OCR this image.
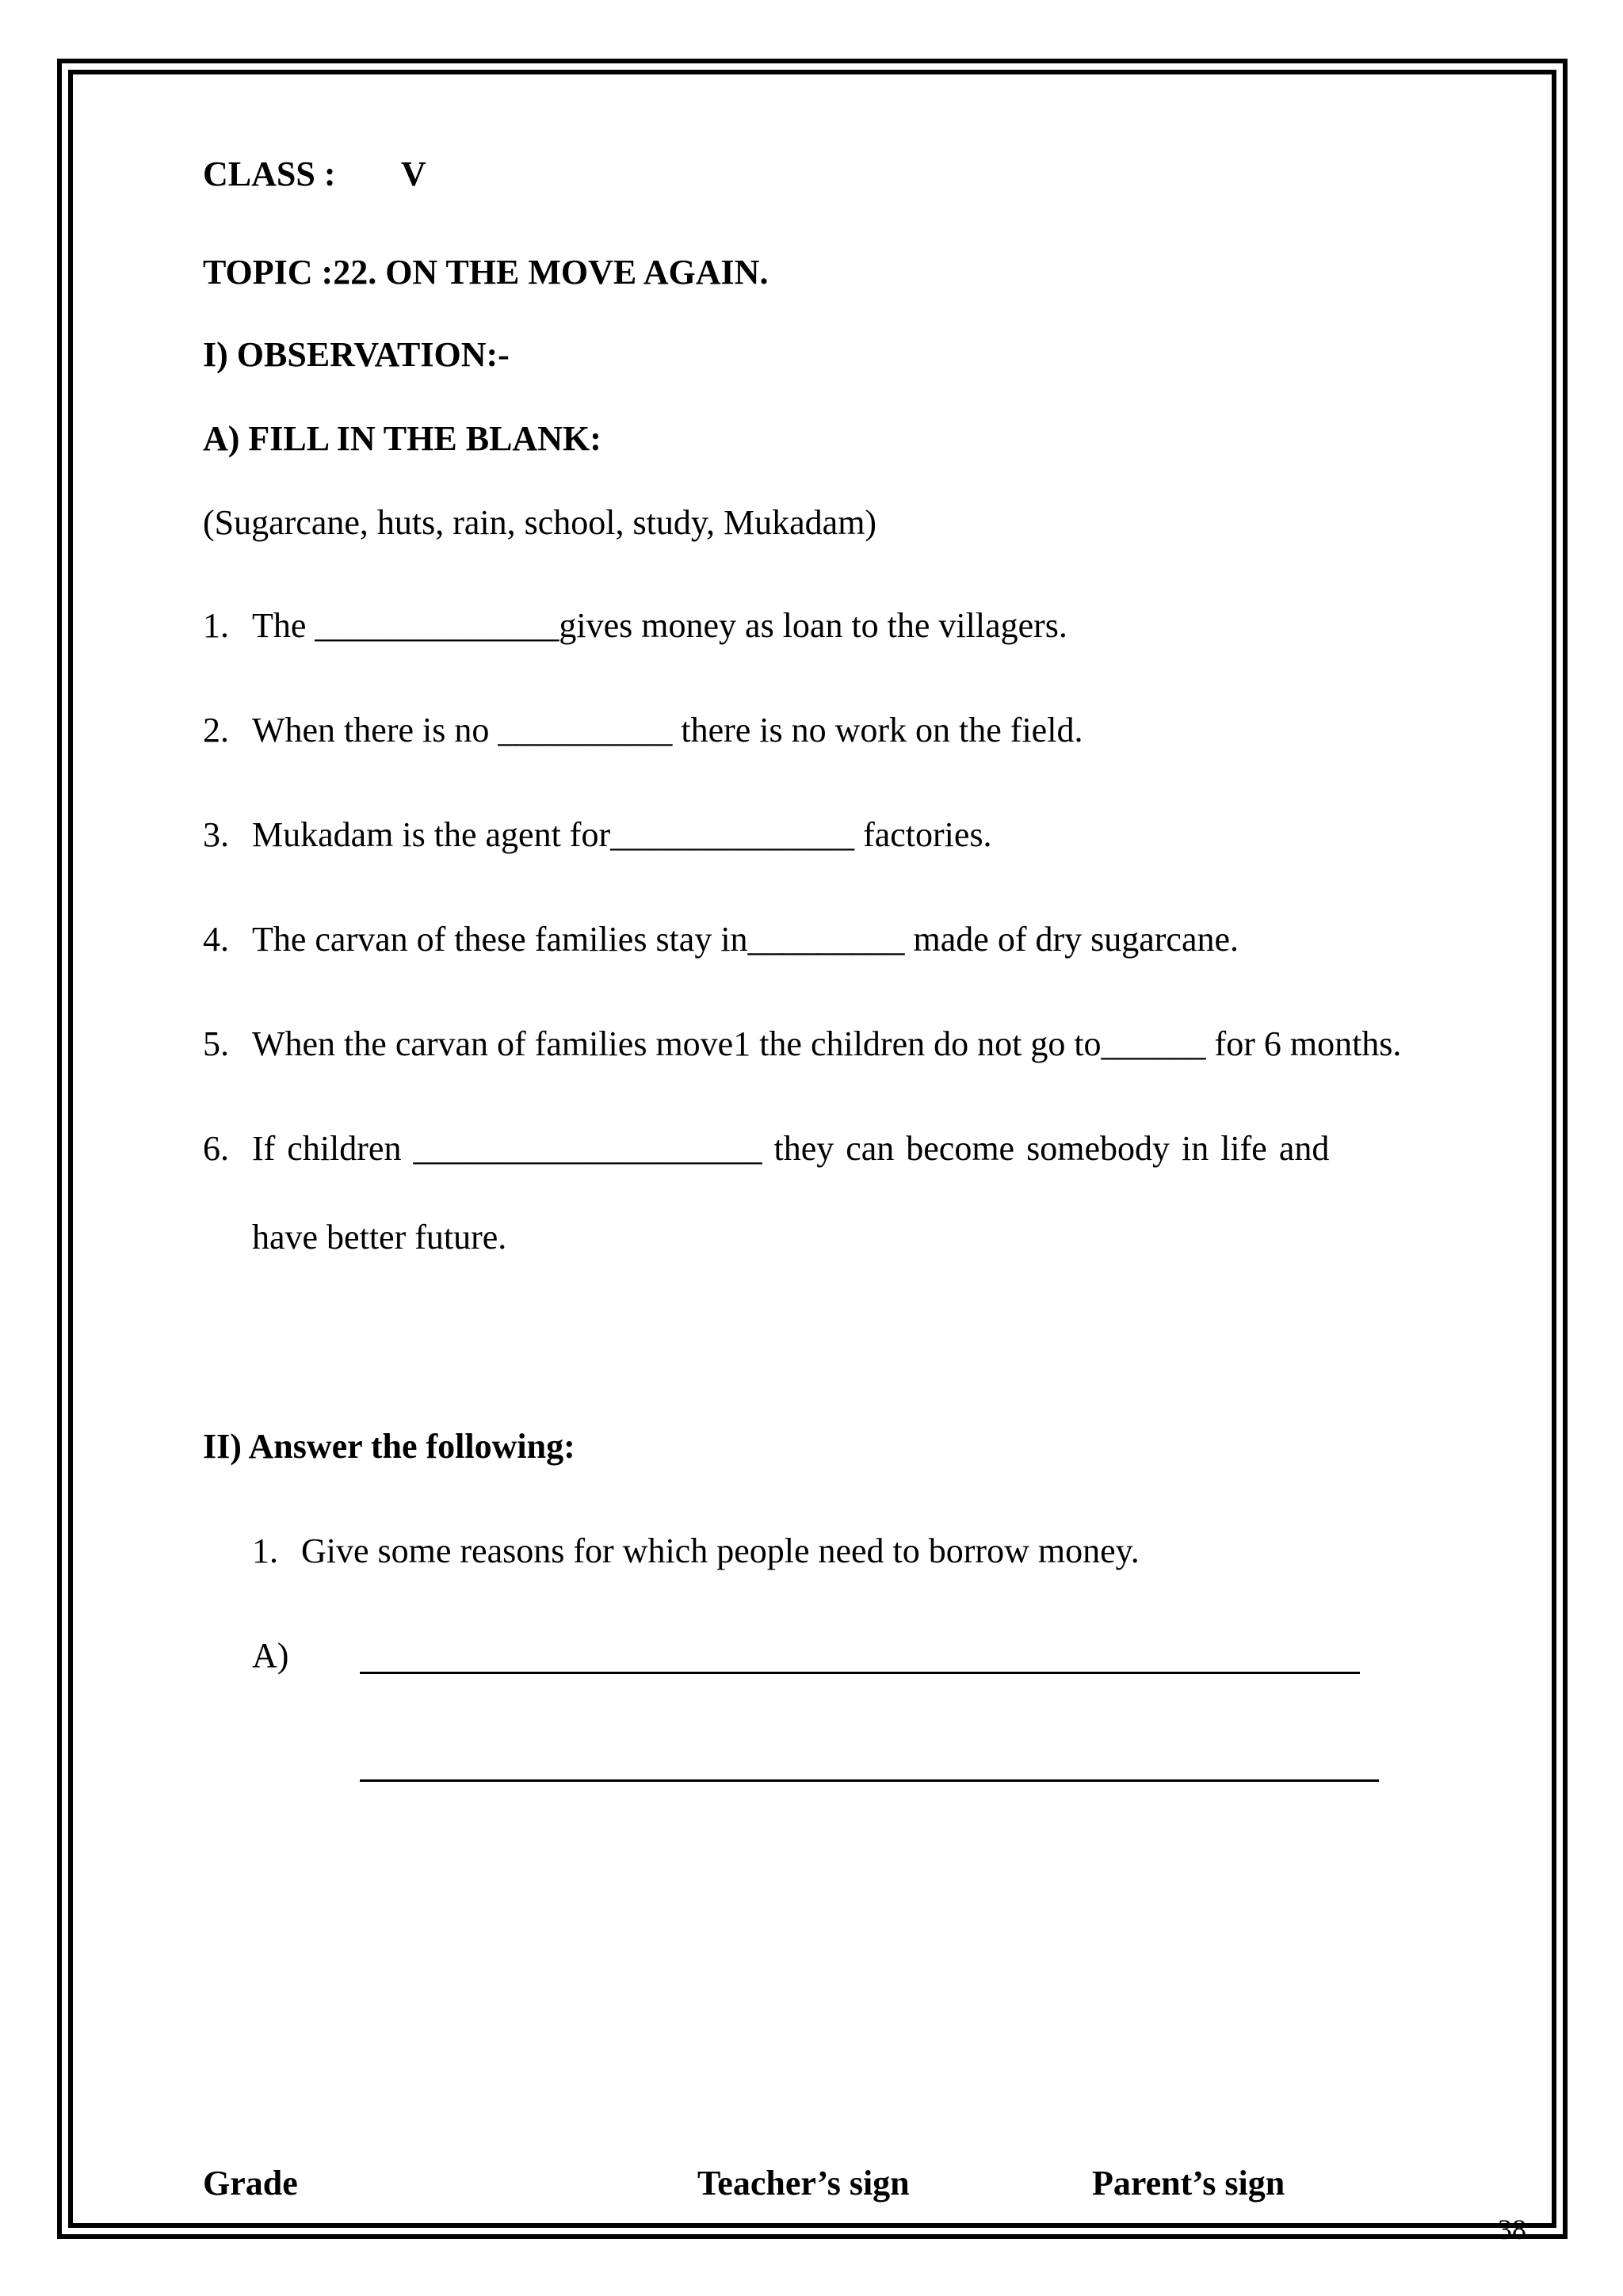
CLASS : V
TOPIC :22. ON THE MOVE AGAIN.
I) OBSERVATION:-
A) FILL IN THE BLANK:
(Sugarcane, huts, rain, school, study, Mukadam)
1. The ______________gives money as loan to the villagers.
2. When there is no __________ there is no work on the field.
3. Mukadam is the agent for______________ factories.
4. The carvan of these families stay in_________ made of dry sugarcane.
5. When the carvan of families move1 the children do not go to______ for 6 months.
6. If children ____________________ they can become somebody in life and
have better future.
II) Answer the following:
1. Give some reasons for which people need to borrow money.
A)
Grade	Teacher’s sign	Parent’s sign
38
